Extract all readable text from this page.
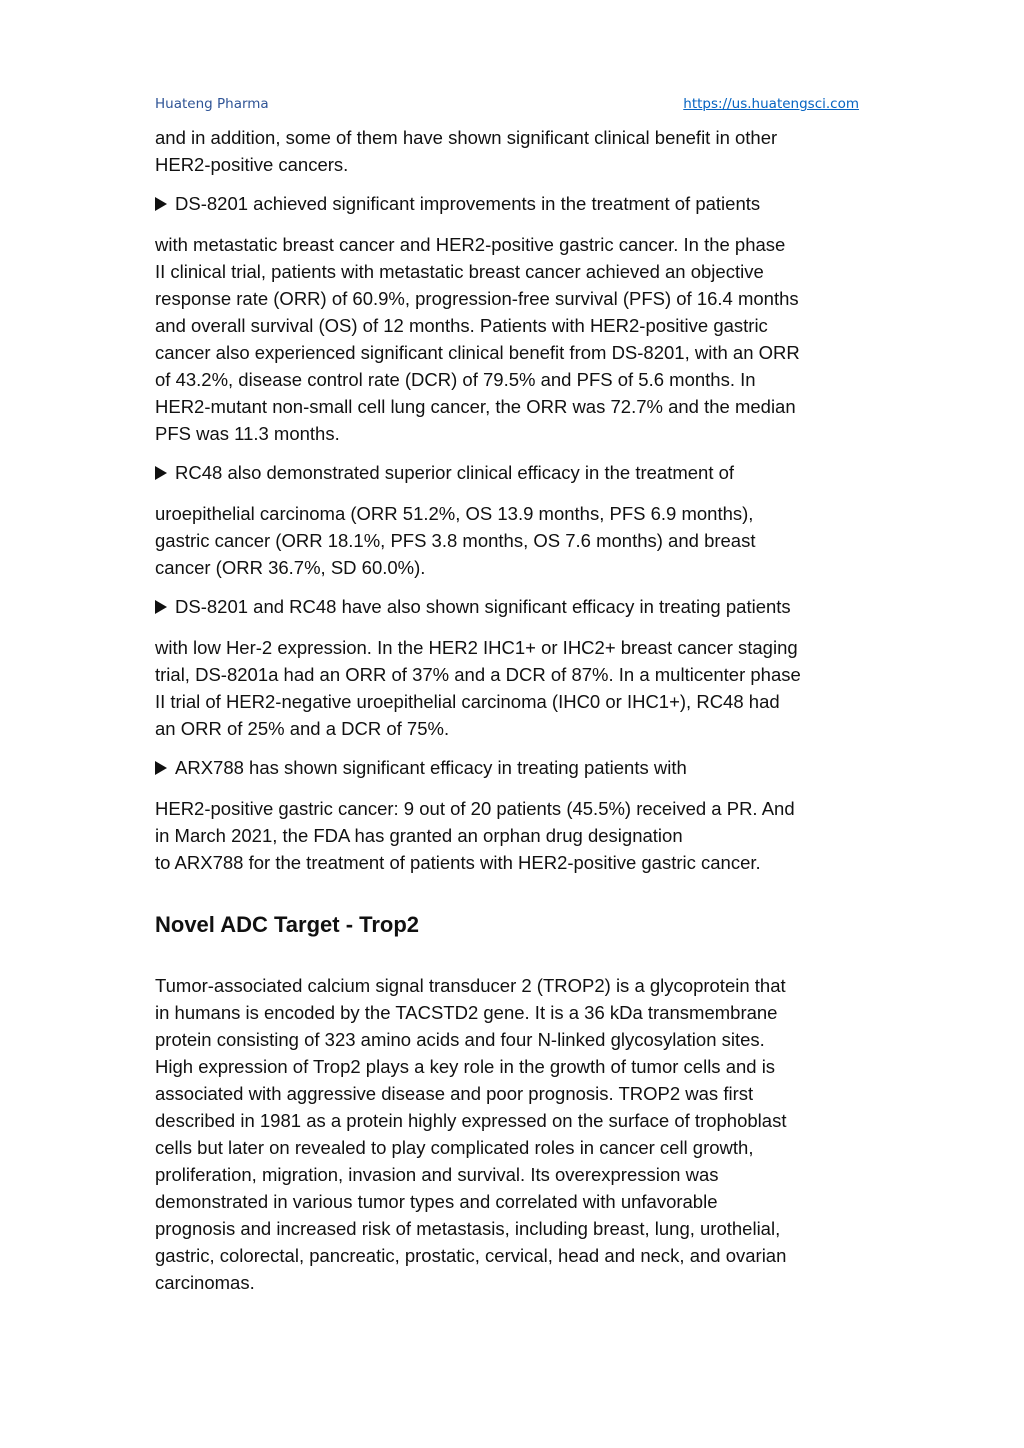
Huateng Pharma	https://us.huatengsci.com

and in addition, some of them have shown significant clinical benefit in other
HER2-positive cancers.

DS-8201 achieved significant improvements in the treatment of patients

with metastatic breast cancer and HER2-positive gastric cancer. In the phase
II clinical trial, patients with metastatic breast cancer achieved an objective
response rate (ORR) of 60.9%, progression-free survival (PFS) of 16.4 months
and overall survival (OS) of 12 months. Patients with HER2-positive gastric
cancer also experienced significant clinical benefit from DS-8201, with an ORR
of 43.2%, disease control rate (DCR) of 79.5% and PFS of 5.6 months. In
HER2-mutant non-small cell lung cancer, the ORR was 72.7% and the median
PFS was 11.3 months.

RC48 also demonstrated superior clinical efficacy in the treatment of

uroepithelial carcinoma (ORR 51.2%, OS 13.9 months, PFS 6.9 months),
gastric cancer (ORR 18.1%, PFS 3.8 months, OS 7.6 months) and breast
cancer (ORR 36.7%, SD 60.0%).

DS-8201 and RC48 have also shown significant efficacy in treating patients

with low Her-2 expression. In the HER2 IHC1+ or IHC2+ breast cancer staging
trial, DS-8201a had an ORR of 37% and a DCR of 87%. In a multicenter phase
II trial of HER2-negative uroepithelial carcinoma (IHC0 or IHC1+), RC48 had
an ORR of 25% and a DCR of 75%.

ARX788 has shown significant efficacy in treating patients with

HER2-positive gastric cancer: 9 out of 20 patients (45.5%) received a PR. And
in March 2021, the FDA has granted an orphan drug designation
to ARX788 for the treatment of patients with HER2-positive gastric cancer.

Novel ADC Target - Trop2

Tumor-associated calcium signal transducer 2 (TROP2) is a glycoprotein that
in humans is encoded by the TACSTD2 gene. It is a 36 kDa transmembrane
protein consisting of 323 amino acids and four N-linked glycosylation sites.
High expression of Trop2 plays a key role in the growth of tumor cells and is
associated with aggressive disease and poor prognosis. TROP2 was first
described in 1981 as a protein highly expressed on the surface of trophoblast
cells but later on revealed to play complicated roles in cancer cell growth,
proliferation, migration, invasion and survival. Its overexpression was
demonstrated in various tumor types and correlated with unfavorable
prognosis and increased risk of metastasis, including breast, lung, urothelial,
gastric, colorectal, pancreatic, prostatic, cervical, head and neck, and ovarian
carcinomas.
